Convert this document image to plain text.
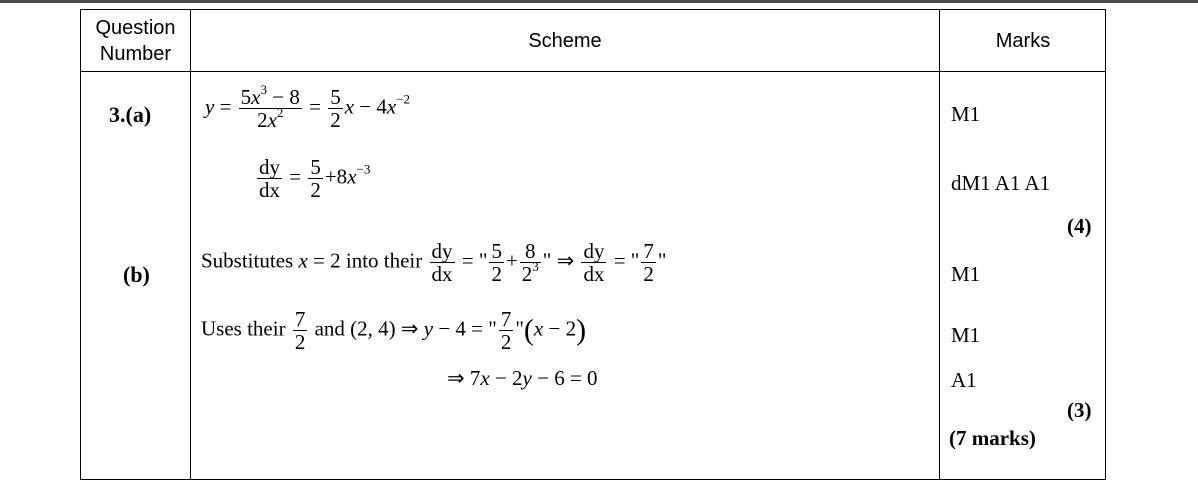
Question
Number
Scheme	Marks
3.(a)	$y = \frac{5x^3 - 8}{2x^2} = \frac{5}{2}$ $x - 4x^{-2}$
$\frac{dy}{dx} = \frac{5}{2} +8x^{-3}$
M1
dM1 A1 A1
(4)
(b)
Substitutes x = 2 into their $\frac{dy}{dx}$ = " $\frac{5}{2} + \frac{8}{2^3}$ " ⇒ $\frac{dy}{dx}$ = " $\frac{7}{2}$ "
Uses their $\frac{7}{2}$ and (2, 4) ⇒ y − 4 = " $\frac{7}{2}$ "(x − 2)
⇒ 7x − 2y − 6 = 0
M1
M1
A1
(3)
(7 marks)
